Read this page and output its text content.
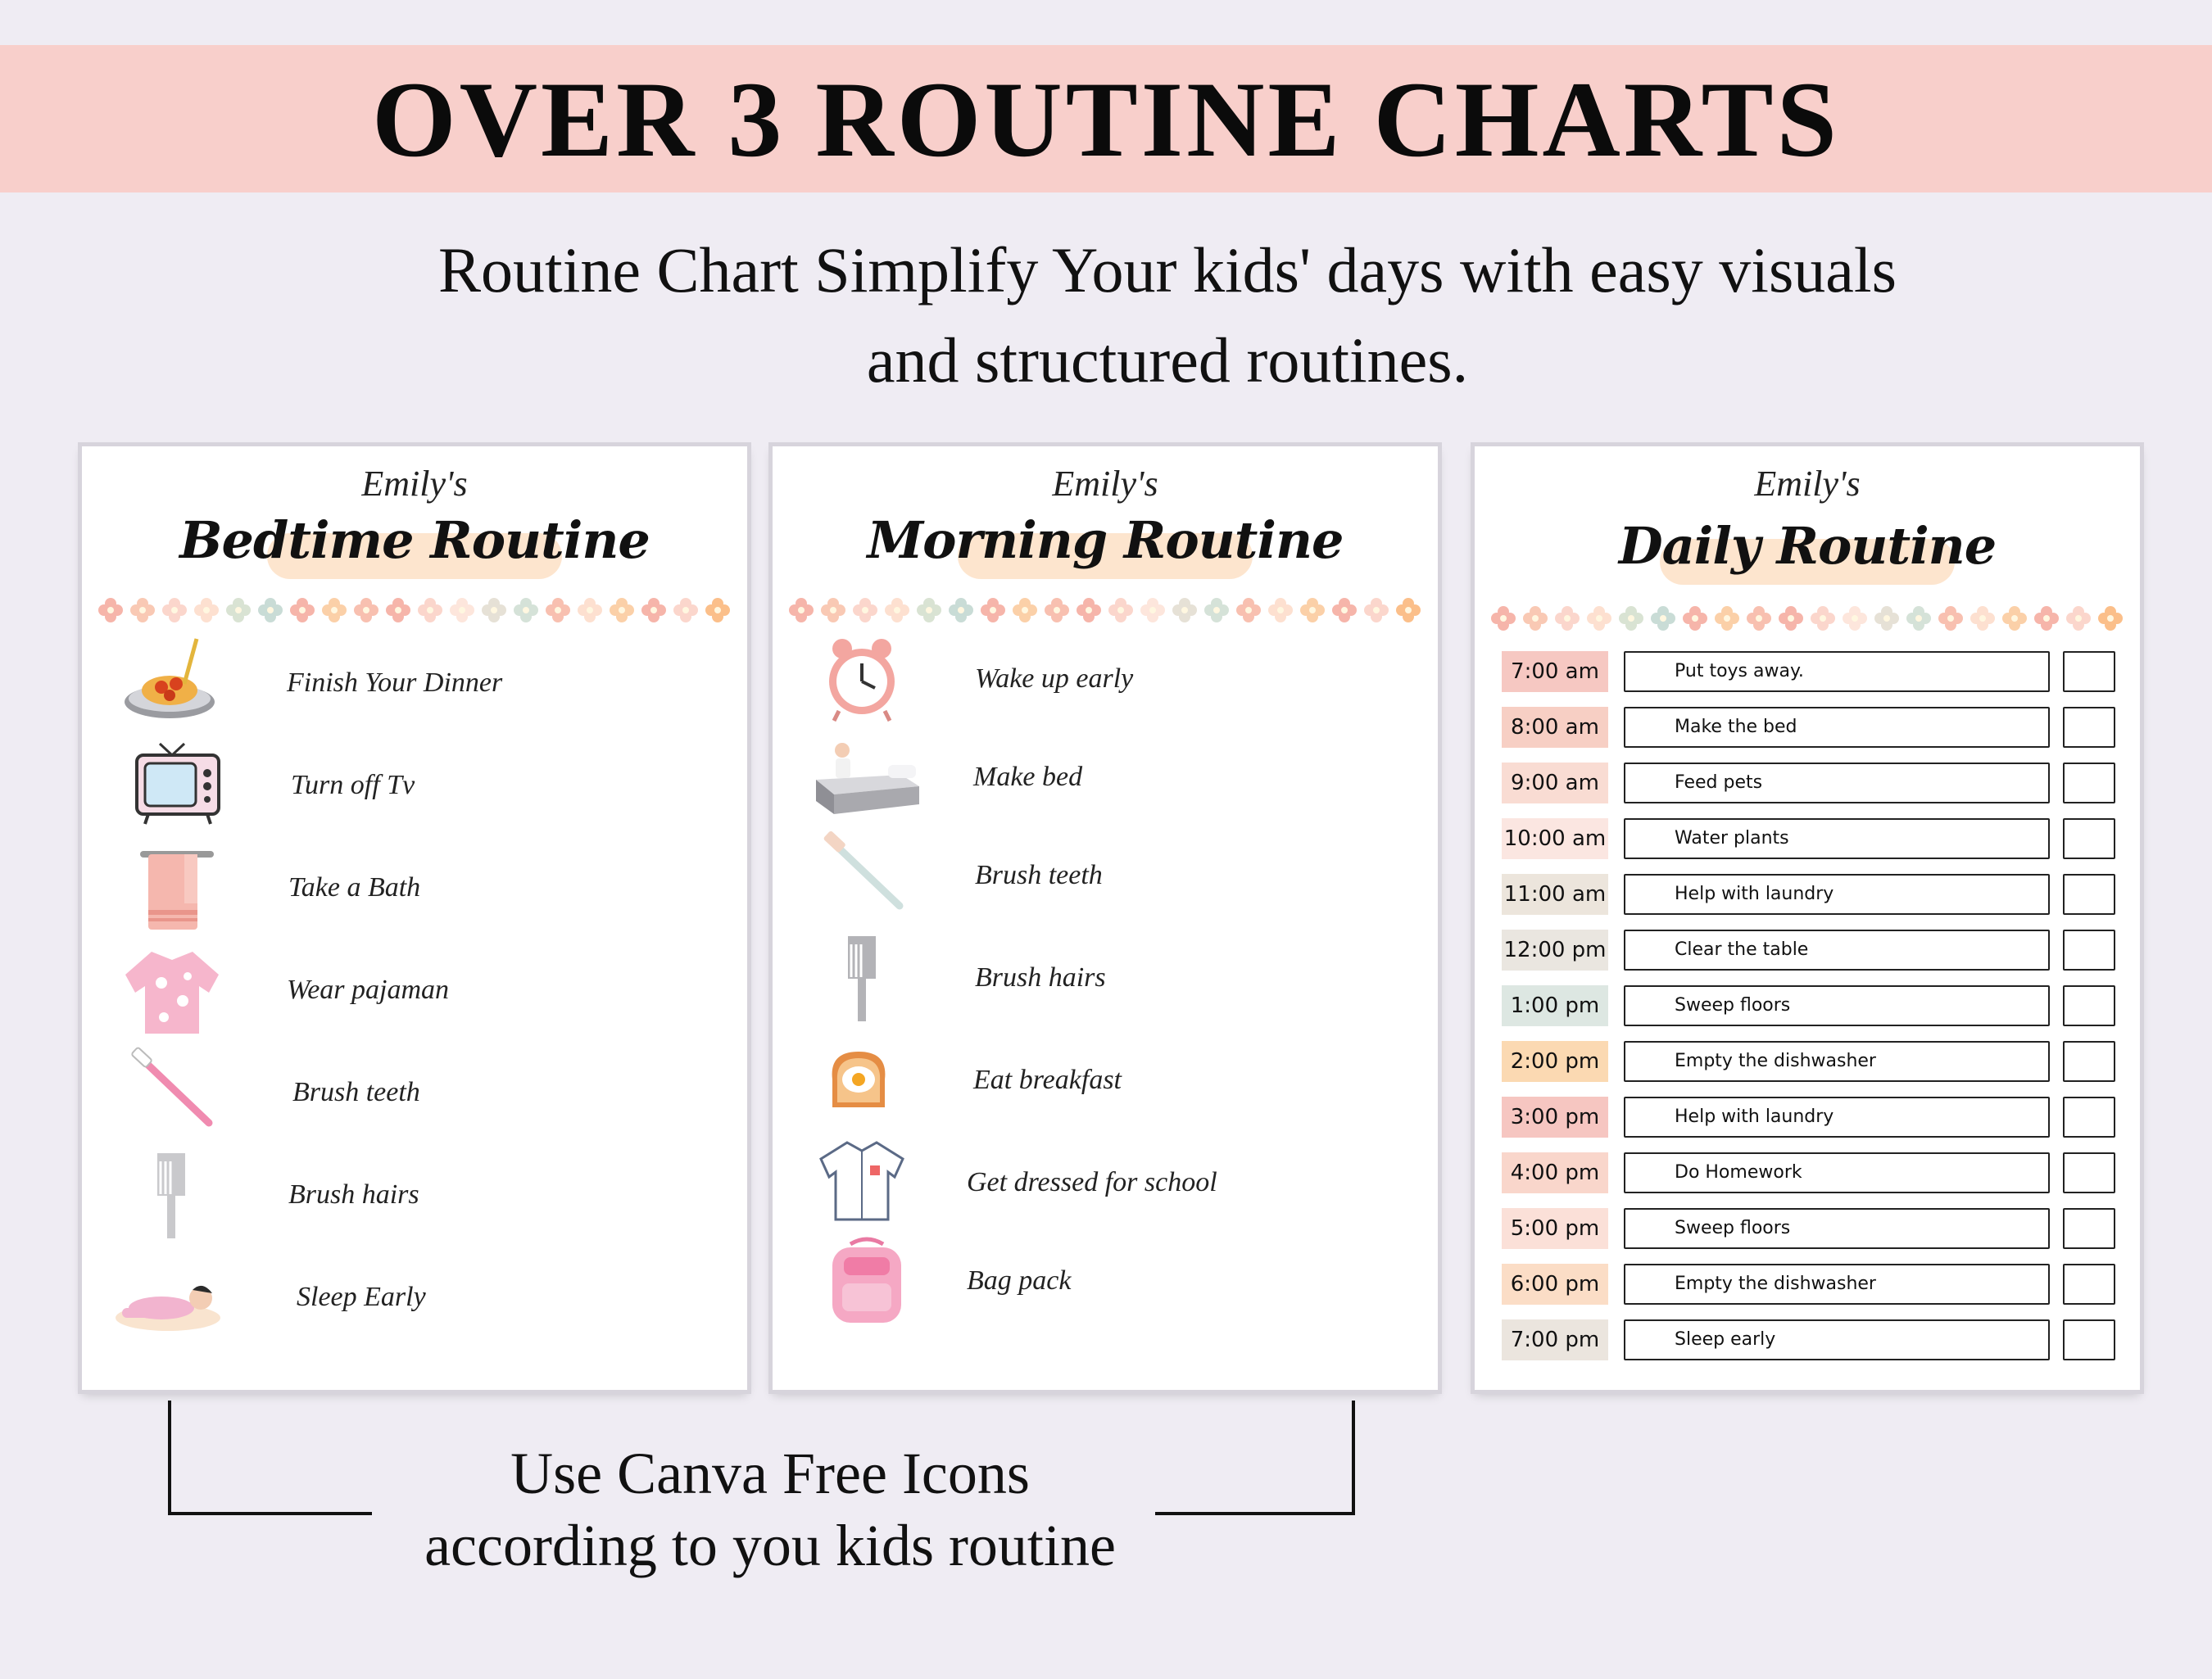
OVER 3 ROUTINE CHARTS
Routine Chart Simplify Your kids' days with easy visuals
and structured routines.
Emily's
Bedtime Routine
Finish Your Dinner
Turn off Tv
Take a Bath
Wear pajaman
Brush teeth
Brush hairs
Sleep Early
Emily's
Morning Routine
Wake up early
Make bed
Brush teeth
Brush hairs
Eat breakfast
Get dressed for school
Bag pack
Emily's
Daily Routine
7:00 am	Put toys away.
8:00 am	Make the bed
9:00 am	Feed pets
10:00 am	Water plants
11:00 am	Help with laundry
12:00 pm	Clear the table
1:00 pm	Sweep floors
2:00 pm	Empty the dishwasher
3:00 pm	Help with laundry
4:00 pm	Do Homework
5:00 pm	Sweep floors
6:00 pm	Empty the dishwasher
7:00 pm	Sleep early
Use Canva Free Icons
according to you kids routine
